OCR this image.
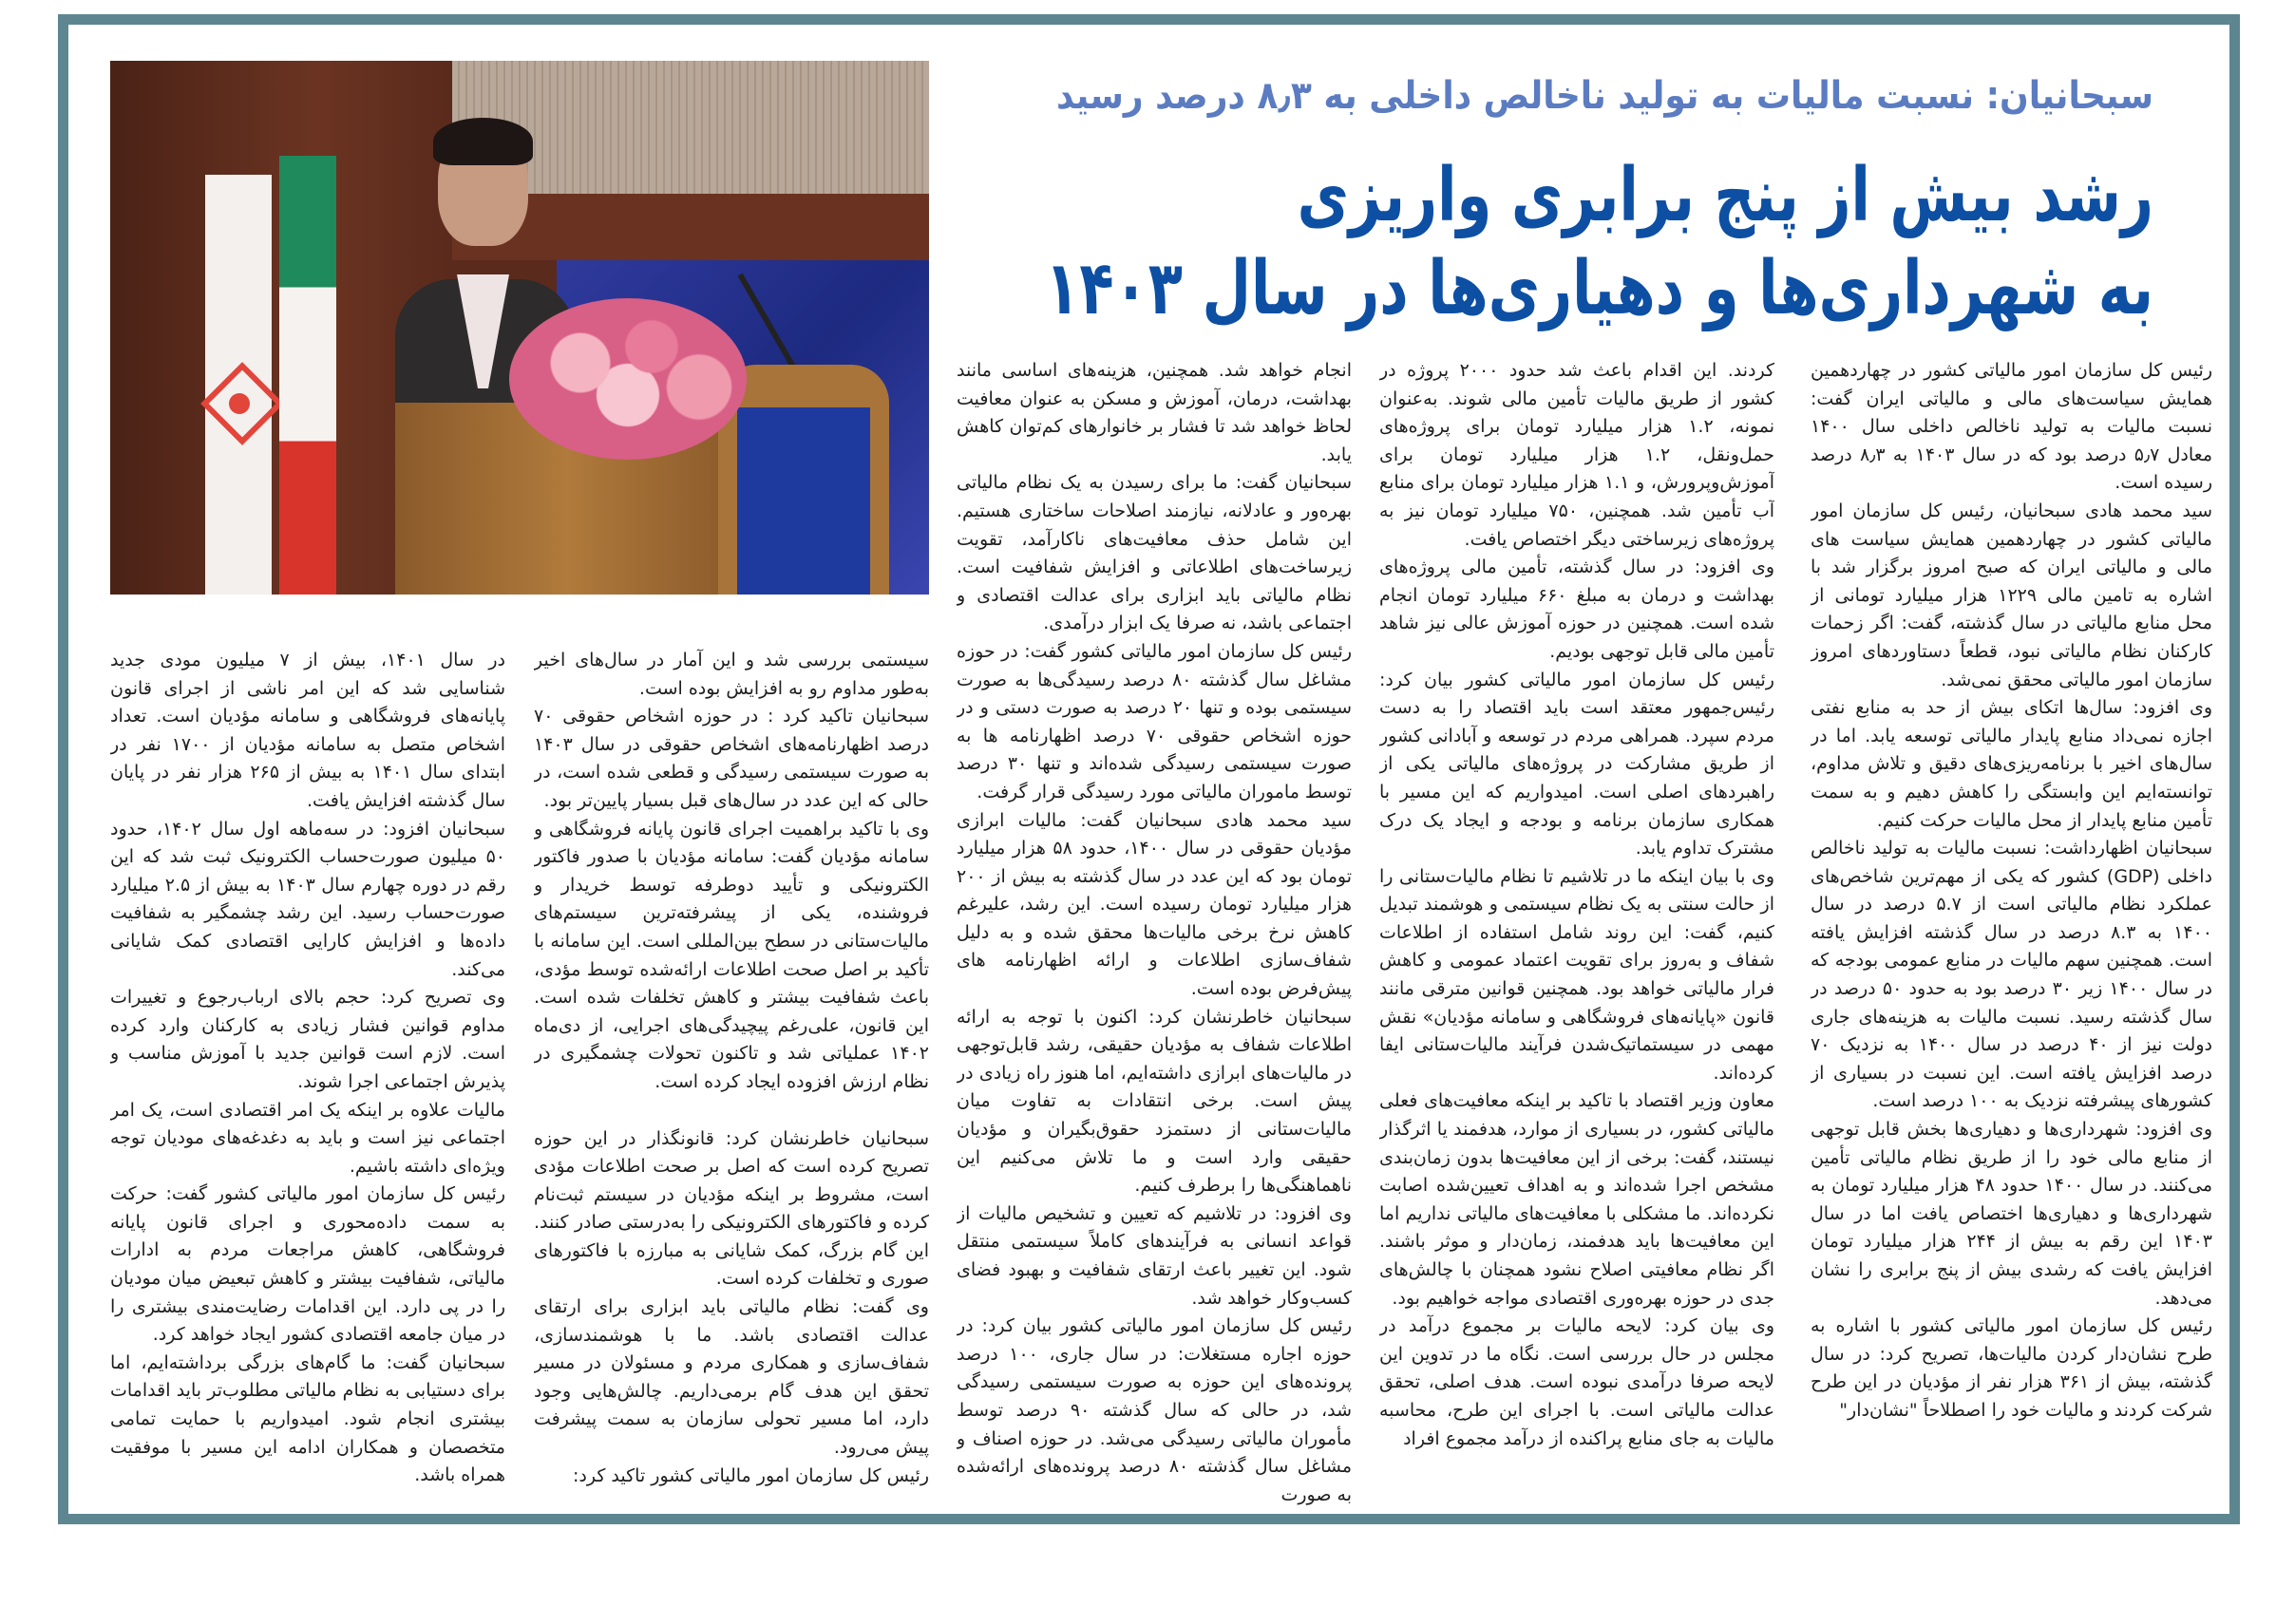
سبحانیان: نسبت مالیات به تولید ناخالص داخلی به ۸٫۳ درصد رسید
رشد بیش از پنج برابری واریزی
به شهرداری‌ها و دهیاری‌ها در سال ۱۴۰۳

رئیس کل سازمان امور مالیاتی کشور در چهاردهمین همایش سیاست‌های مالی و مالیاتی ایران گفت: نسبت مالیات به تولید ناخالص داخلی سال ۱۴۰۰ معادل ۵٫۷ درصد بود که در سال ۱۴۰۳ به ۸٫۳ درصد رسیده است.

سید محمد هادی سبحانیان، رئیس کل سازمان امور مالیاتی کشور در چهاردهمین همایش سیاست های مالی و مالیاتی ایران که صبح امروز برگزار شد با اشاره به تامین مالی ۱۲۲۹ هزار میلیارد تومانی از محل منابع مالیاتی در سال گذشته، گفت: اگر زحمات کارکنان نظام مالیاتی نبود، قطعاً دستاوردهای امروز سازمان امور مالیاتی محقق نمی‌شد.

وی افزود: سال‌ها اتکای بیش از حد به منابع نفتی اجازه نمی‌داد منابع پایدار مالیاتی توسعه یابد. اما در سال‌های اخیر با برنامه‌ریزی‌های دقیق و تلاش مداوم، توانسته‌ایم این وابستگی را کاهش دهیم و به سمت تأمین منابع پایدار از محل مالیات حرکت کنیم.

سبحانیان اظهارداشت: نسبت مالیات به تولید ناخالص داخلی (GDP) کشور که یکی از مهم‌ترین شاخص‌های عملکرد نظام مالیاتی است از ۵.۷ درصد در سال ۱۴۰۰ به ۸.۳ درصد در سال گذشته افزایش یافته است. همچنین سهم مالیات در منابع عمومی بودجه که در سال ۱۴۰۰ زیر ۳۰ درصد بود به حدود ۵۰ درصد در سال گذشته رسید. نسبت مالیات به هزینه‌های جاری دولت نیز از ۴۰ درصد در سال ۱۴۰۰ به نزدیک ۷۰ درصد افزایش یافته است. این نسبت در بسیاری از کشورهای پیشرفته نزدیک به ۱۰۰ درصد است.

وی افزود: شهرداری‌ها و دهیاری‌ها بخش قابل توجهی از منابع مالی خود را از طریق نظام مالیاتی تأمین می‌کنند. در سال ۱۴۰۰ حدود ۴۸ هزار میلیارد تومان به شهرداری‌ها و دهیاری‌ها اختصاص یافت اما در سال ۱۴۰۳ این رقم به بیش از ۲۴۴ هزار میلیارد تومان افزایش یافت که رشدی بیش از پنج برابری را نشان می‌دهد.

رئیس کل سازمان امور مالیاتی کشور با اشاره به طرح نشان‌دار کردن مالیات‌ها، تصریح کرد: در سال گذشته، بیش از ۳۶۱ هزار نفر از مؤدیان در این طرح شرکت کردند و مالیات خود را اصطلاحاً "نشان‌دار"

کردند. این اقدام باعث شد حدود ۲۰۰۰ پروژه در کشور از طریق مالیات تأمین مالی شوند. به‌عنوان نمونه، ۱.۲ هزار میلیارد تومان برای پروژه‌های حمل‌ونقل، ۱.۲ هزار میلیارد تومان برای آموزش‌وپرورش، و ۱.۱ هزار میلیارد تومان برای منابع آب تأمین شد. همچنین، ۷۵۰ میلیارد تومان نیز به پروژه‌های زیرساختی دیگر اختصاص یافت.

وی افزود: در سال گذشته، تأمین مالی پروژه‌های بهداشت و درمان به مبلغ ۶۶۰ میلیارد تومان انجام شده است. همچنین در حوزه آموزش عالی نیز شاهد تأمین مالی قابل توجهی بودیم.

رئیس کل سازمان امور مالیاتی کشور بیان کرد: رئیس‌جمهور معتقد است باید اقتصاد را به دست مردم سپرد. همراهی مردم در توسعه و آبادانی کشور از طریق مشارکت در پروژه‌های مالیاتی یکی از راهبردهای اصلی است. امیدواریم که این مسیر با همکاری سازمان برنامه و بودجه و ایجاد یک درک مشترک تداوم یابد.

وی با بیان اینکه ما در تلاشیم تا نظام مالیات‌ستانی را از حالت سنتی به یک نظام سیستمی و هوشمند تبدیل کنیم، گفت: این روند شامل استفاده از اطلاعات شفاف و به‌روز برای تقویت اعتماد عمومی و کاهش فرار مالیاتی خواهد بود. همچنین قوانین مترقی مانند قانون «پایانه‌های فروشگاهی و سامانه مؤدیان» نقش مهمی در سیستماتیک‌شدن فرآیند مالیات‌ستانی ایفا کرده‌اند.

معاون وزیر اقتصاد با تاکید بر اینکه معافیت‌های فعلی مالیاتی کشور، در بسیاری از موارد، هدفمند یا اثرگذار نیستند، گفت: برخی از این معافیت‌ها بدون زمان‌بندی مشخص اجرا شده‌اند و به اهداف تعیین‌شده اصابت نکرده‌اند. ما مشکلی با معافیت‌های مالیاتی نداریم اما این معافیت‌ها باید هدفمند، زمان‌دار و موثر باشند. اگر نظام معافیتی اصلاح نشود همچنان با چالش‌های جدی در حوزه بهره‌وری اقتصادی مواجه خواهیم بود.

وی بیان کرد: لایحه مالیات بر مجموع درآمد در مجلس در حال بررسی است. نگاه ما در تدوین این لایحه صرفا درآمدی نبوده است. هدف اصلی، تحقق عدالت مالیاتی است. با اجرای این طرح، محاسبه مالیات به جای منابع پراکنده از درآمد مجموع افراد

انجام خواهد شد. همچنین، هزینه‌های اساسی مانند بهداشت، درمان، آموزش و مسکن به عنوان معافیت لحاظ خواهد شد تا فشار بر خانوارهای کم‌توان کاهش یابد.

سبحانیان گفت: ما برای رسیدن به یک نظام مالیاتی بهره‌ور و عادلانه، نیازمند اصلاحات ساختاری هستیم. این شامل حذف معافیت‌های ناکارآمد، تقویت زیرساخت‌های اطلاعاتی و افزایش شفافیت است. نظام مالیاتی باید ابزاری برای عدالت اقتصادی و اجتماعی باشد، نه صرفا یک ابزار درآمدی.

رئیس کل سازمان امور مالیاتی کشور گفت: در حوزه مشاغل سال گذشته ۸۰ درصد رسیدگی‌ها به صورت سیستمی بوده و تنها ۲۰ درصد به صورت دستی و در حوزه اشخاص حقوقی ۷۰ درصد اظهارنامه ها به صورت سیستمی رسیدگی شده‌اند و تنها ۳۰ درصد توسط ماموران مالیاتی مورد رسیدگی قرار گرفت.

سید محمد هادی سبحانیان گفت: مالیات ابرازی مؤدیان حقوقی در سال ۱۴۰۰، حدود ۵۸ هزار میلیارد تومان بود که این عدد در سال گذشته به بیش از ۲۰۰ هزار میلیارد تومان رسیده است. این رشد، علیرغم کاهش نرخ برخی مالیات‌ها محقق شده و به دلیل شفاف‌سازی اطلاعات و ارائه اظهارنامه های پیش‌فرض بوده است.

سبحانیان خاطرنشان کرد: اکنون با توجه به ارائه اطلاعات شفاف به مؤدیان حقیقی، رشد قابل‌توجهی در مالیات‌های ابرازی داشته‌ایم، اما هنوز راه زیادی در پیش است. برخی انتقادات به تفاوت میان مالیات‌ستانی از دستمزد حقوق‌بگیران و مؤدیان حقیقی وارد است و ما تلاش می‌کنیم این ناهماهنگی‌ها را برطرف کنیم.

وی افزود: در تلاشیم که تعیین و تشخیص مالیات از قواعد انسانی به فرآیندهای کاملاً سیستمی منتقل شود. این تغییر باعث ارتقای شفافیت و بهبود فضای کسب‌وکار خواهد شد.

رئیس کل سازمان امور مالیاتی کشور بیان کرد: در حوزه اجاره مستغلات: در سال جاری، ۱۰۰ درصد پرونده‌های این حوزه به صورت سیستمی رسیدگی شد، در حالی که سال گذشته ۹۰ درصد توسط مأموران مالیاتی رسیدگی می‌شد. در حوزه اصناف و مشاغل سال گذشته ۸۰ درصد پرونده‌های ارائه‌شده به صورت

سیستمی بررسی شد و این آمار در سال‌های اخیر به‌طور مداوم رو به افزایش بوده است.

سبحانیان تاکید کرد : در حوزه اشخاص حقوقی ۷۰ درصد اظهارنامه‌های اشخاص حقوقی در سال ۱۴۰۳ به صورت سیستمی رسیدگی و قطعی شده است، در حالی که این عدد در سال‌های قبل بسیار پایین‌تر بود.

وی با تاکید براهمیت اجرای قانون پایانه فروشگاهی و سامانه مؤدیان گفت: سامانه مؤدیان با صدور فاکتور الکترونیکی و تأیید دوطرفه توسط خریدار و فروشنده، یکی از پیشرفته‌ترین سیستم‌های مالیات‌ستانی در سطح بین‌المللی است. این سامانه با تأکید بر اصل صحت اطلاعات ارائه‌شده توسط مؤدی، باعث شفافیت بیشتر و کاهش تخلفات شده است. این قانون، علی‌رغم پیچیدگی‌های اجرایی، از دی‌ماه ۱۴۰۲ عملیاتی شد و تاکنون تحولات چشمگیری در نظام ارزش افزوده ایجاد کرده است.

سبحانیان خاطرنشان کرد: قانونگذار در این حوزه تصریح کرده است که اصل بر صحت اطلاعات مؤدی است، مشروط بر اینکه مؤدیان در سیستم ثبت‌نام کرده و فاکتورهای الکترونیکی را به‌درستی صادر کنند. این گام بزرگ، کمک شایانی به مبارزه با فاکتورهای صوری و تخلفات کرده است.

وی گفت: نظام مالیاتی باید ابزاری برای ارتقای عدالت اقتصادی باشد. ما با هوشمندسازی، شفاف‌سازی و همکاری مردم و مسئولان در مسیر تحقق این هدف گام برمی‌داریم. چالش‌هایی وجود دارد، اما مسیر تحولی سازمان به سمت پیشرفت پیش می‌رود.

رئیس کل سازمان امور مالیاتی کشور تاکید کرد:

در سال ۱۴۰۱، بیش از ۷ میلیون مودی جدید شناسایی شد که این امر ناشی از اجرای قانون پایانه‌های فروشگاهی و سامانه مؤدیان است. تعداد اشخاص متصل به سامانه مؤدیان از ۱۷۰۰ نفر در ابتدای سال ۱۴۰۱ به بیش از ۲۶۵ هزار نفر در پایان سال گذشته افزایش یافت.

سبحانیان افزود: در سه‌ماهه اول سال ۱۴۰۲، حدود ۵۰ میلیون صورت‌حساب الکترونیک ثبت شد که این رقم در دوره چهارم سال ۱۴۰۳ به بیش از ۲.۵ میلیارد صورت‌حساب رسید. این رشد چشمگیر به شفافیت داده‌ها و افزایش کارایی اقتصادی کمک شایانی می‌کند.

وی تصریح کرد: حجم بالای ارباب‌رجوع و تغییرات مداوم قوانین فشار زیادی به کارکنان وارد کرده است. لازم است قوانین جدید با آموزش مناسب و پذیرش اجتماعی اجرا شوند.

مالیات علاوه بر اینکه یک امر اقتصادی است، یک امر اجتماعی نیز است و باید به دغدغه‌های مودیان توجه ویژه‌ای داشته باشیم.

رئیس کل سازمان امور مالیاتی کشور گفت: حرکت به سمت داده‌محوری و اجرای قانون پایانه فروشگاهی، کاهش مراجعات مردم به ادارات مالیاتی، شفافیت بیشتر و کاهش تبعیض میان مودیان را در پی دارد. این اقدامات رضایت‌مندی بیشتری را در میان جامعه اقتصادی کشور ایجاد خواهد کرد.

سبحانیان گفت: ما گام‌های بزرگی برداشته‌ایم، اما برای دستیابی به نظام مالیاتی مطلوب‌تر باید اقدامات بیشتری انجام شود. امیدواریم با حمایت تمامی متخصصان و همکاران ادامه این مسیر با موفقیت همراه باشد.
